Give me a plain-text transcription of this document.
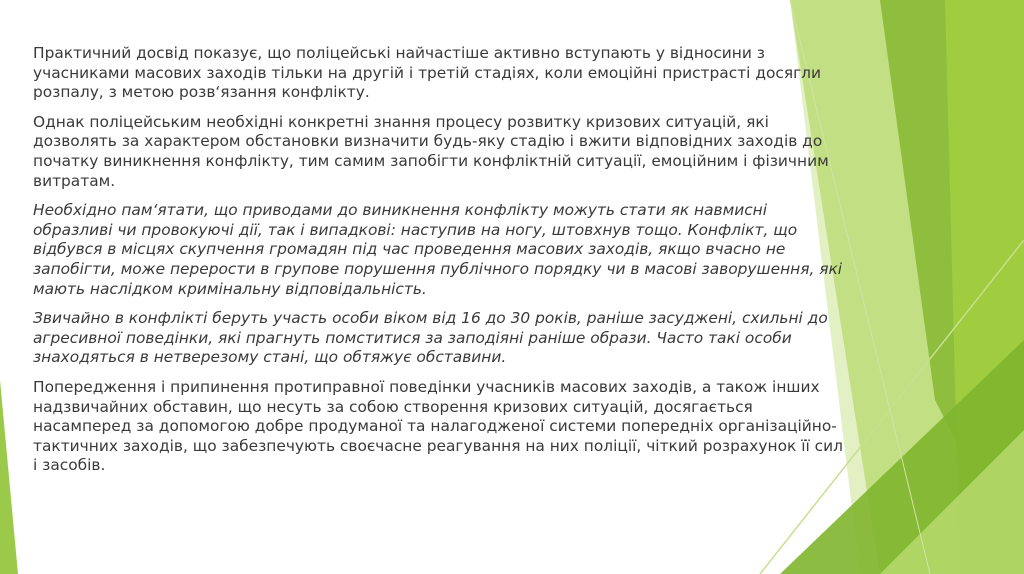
Практичний досвід показує, що поліцейські найчастіше активно вступають у відносини з учасниками масових заходів тільки на другій і третій стадіях, коли емоційні пристрасті досягли розпалу, з метою розв‘язання конфлікту.

Однак поліцейським необхідні конкретні знання процесу розвитку кризових ситуацій, які дозволять за характером обстановки визначити будь-яку стадію і вжити відповідних заходів до початку виникнення конфлікту, тим самим запобігти конфліктній ситуації, емоційним і фізичним витратам.

Необхідно пам‘ятати, що приводами до виникнення конфлікту можуть стати як навмисні образливі чи провокуючі дії, так і випадкові: наступив на ногу, штовхнув тощо. Конфлікт, що відбувся в місцях скупчення громадян під час проведення масових заходів, якщо вчасно не запобігти, може перерости в групове порушення публічного порядку чи в масові заворушення, які мають наслідком кримінальну відповідальність.

Звичайно в конфлікті беруть участь особи віком від 16 до 30 років, раніше засуджені, схильні до агресивної поведінки, які прагнуть помститися за заподіяні раніше образи. Часто такі особи знаходяться в нетверезому стані, що обтяжує обставини.

Попередження і припинення протиправної поведінки учасників масових заходів, а також інших надзвичайних обставин, що несуть за собою створення кризових ситуацій, досягається насамперед за допомогою добре продуманої та налагодженої системи попередніх організаційно-тактичних заходів, що забезпечують своєчасне реагування на них поліції, чіткий розрахунок її сил і засобів.
